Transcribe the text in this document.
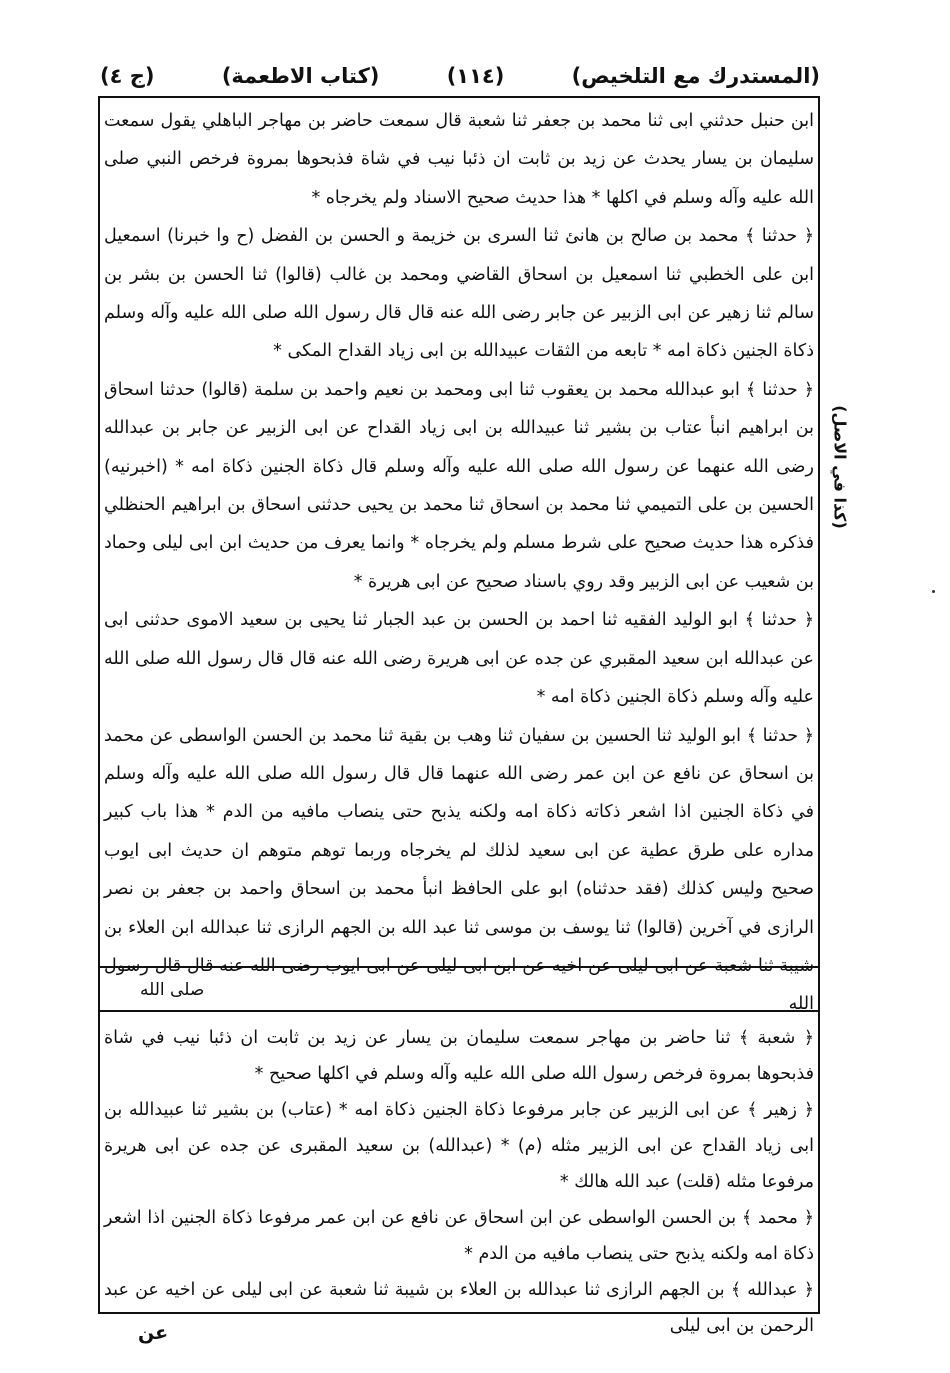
(المستدرك مع التلخيص)
(١١٤)
(كتاب الاطعمة)
(ج ٤)

ابن حنبل حدثني ابى ثنا محمد بن جعفر ثنا شعبة قال سمعت حاضر بن مهاجر الباهلي يقول سمعت سليمان بن يسار يحدث عن زيد بن ثابت ان ذئبا نيب في شاة فذبحوها بمروة فرخص النبي صلى الله عليه وآله وسلم في اكلها * هذا حديث صحيح الاسناد ولم يخرجاه *

﴿ حدثنا ﴾ محمد بن صالح بن هانئ ثنا السرى بن خزيمة و الحسن بن الفضل (ح وا خبرنا) اسمعيل ابن على الخطبي ثنا اسمعيل بن اسحاق القاضي ومحمد بن غالب (قالوا) ثنا الحسن بن بشر بن سالم ثنا زهير عن ابى الزبير عن جابر رضى الله عنه قال قال رسول الله صلى الله عليه وآله وسلم ذكاة الجنين ذكاة امه * تابعه من الثقات عبيدالله بن ابى زياد القداح المكى *

﴿ حدثنا ﴾ ابو عبدالله محمد بن يعقوب ثنا ابى ومحمد بن نعيم واحمد بن سلمة (قالوا) حدثنا اسحاق بن ابراهيم انبأ عتاب بن بشير ثنا عبيدالله بن ابى زياد القداح عن ابى الزبير عن جابر بن عبدالله رضى الله عنهما عن رسول الله صلى الله عليه وآله وسلم قال ذكاة الجنين ذكاة امه * (اخبرنيه) الحسين بن على التميمي ثنا محمد بن اسحاق ثنا محمد بن يحيى حدثنى اسحاق بن ابراهيم الحنظلي فذكره هذا حديث صحيح على شرط مسلم ولم يخرجاه * وانما يعرف من حديث ابن ابى ليلى وحماد بن شعيب عن ابى الزبير وقد روي باسناد صحيح عن ابى هريرة *

﴿ حدثنا ﴾ ابو الوليد الفقيه ثنا احمد بن الحسن بن عبد الجبار ثنا يحيى بن سعيد الاموى حدثنى ابى عن عبدالله ابن سعيد المقبري عن جده عن ابى هريرة رضى الله عنه قال قال رسول الله صلى الله عليه وآله وسلم ذكاة الجنين ذكاة امه *

﴿ حدثنا ﴾ ابو الوليد ثنا الحسين بن سفيان ثنا وهب بن بقية ثنا محمد بن الحسن الواسطى عن محمد بن اسحاق عن نافع عن ابن عمر رضى الله عنهما قال قال رسول الله صلى الله عليه وآله وسلم في ذكاة الجنين اذا اشعر ذكاته ذكاة امه ولكنه يذبح حتى ينصاب مافيه من الدم * هذا باب كبير مداره على طرق عطية عن ابى سعيد لذلك لم يخرجاه وربما توهم متوهم ان حديث ابى ايوب صحيح وليس كذلك (فقد حدثناه) ابو على الحافظ انبأ محمد بن اسحاق واحمد بن جعفر بن نصر الرازى في آخرين (قالوا) ثنا يوسف بن موسى ثنا عبد الله بن الجهم الرازى ثنا عبدالله ابن العلاء بن شيبة ثنا شعبة عن ابى ليلى عن اخيه عن ابن ابى ليلى عن ابى ايوب رضى الله عنه قال قال رسول الله

صلى الله

﴿ شعبة ﴾ ثنا حاضر بن مهاجر سمعت سليمان بن يسار عن زيد بن ثابت ان ذئبا نيب في شاة فذبحوها بمروة فرخص رسول الله صلى الله عليه وآله وسلم في اكلها صحيح *

﴿ زهير ﴾ عن ابى الزبير عن جابر مرفوعا ذكاة الجنين ذكاة امه * (عتاب) بن بشير ثنا عبيدالله بن ابى زياد القداح عن ابى الزبير مثله (م) * (عبدالله) بن سعيد المقبرى عن جده عن ابى هريرة مرفوعا مثله (قلت) عبد الله هالك *

﴿ محمد ﴾ بن الحسن الواسطى عن ابن اسحاق عن نافع عن ابن عمر مرفوعا ذكاة الجنين اذا اشعر ذكاة امه ولكنه يذبح حتى ينصاب مافيه من الدم *

﴿ عبدالله ﴾ بن الجهم الرازى ثنا عبدالله بن العلاء بن شيبة ثنا شعبة عن ابى ليلى عن اخيه عن عبد الرحمن بن ابى ليلى

(كذا في الاصل)
عن
